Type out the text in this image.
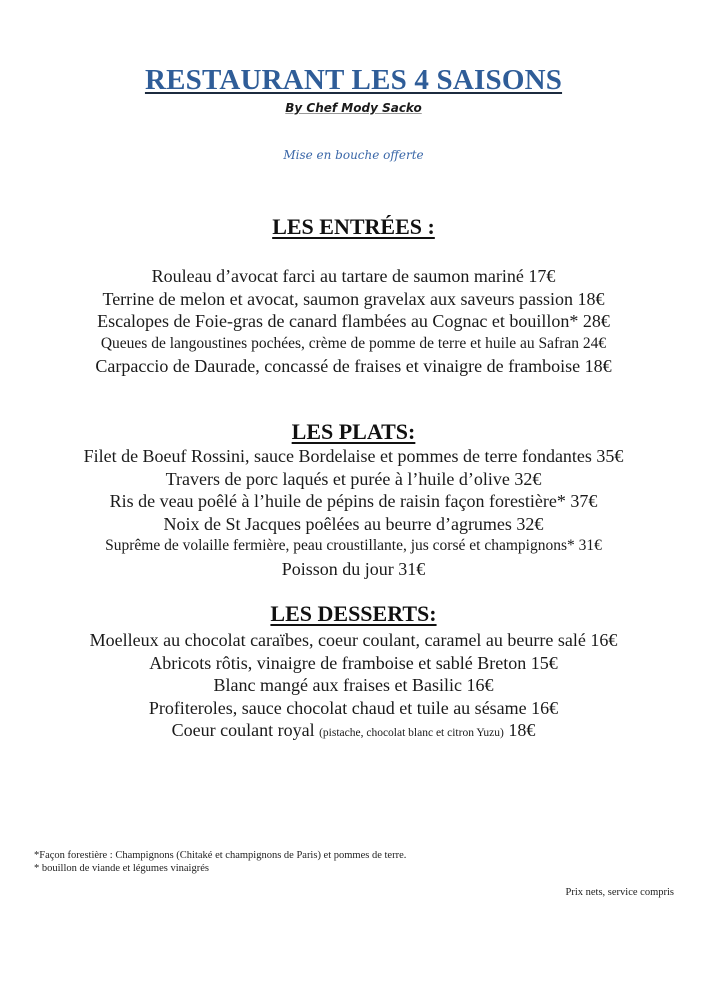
RESTAURANT LES 4 SAISONS
By Chef Mody Sacko
Mise en bouche offerte
LES ENTRÉES :
Rouleau d’avocat farci au tartare de saumon mariné 17€
Terrine de melon et avocat, saumon gravelax aux saveurs passion 18€
Escalopes de Foie-gras de canard flambées au Cognac et bouillon* 28€
Queues de langoustines pochées, crème de pomme de terre et huile au Safran 24€
Carpaccio de Daurade, concassé de fraises et vinaigre de framboise 18€
LES PLATS:
Filet de Boeuf Rossini, sauce Bordelaise et pommes de terre fondantes 35€
Travers de porc laqués et purée à l’huile d’olive 32€
Ris de veau poêlé à l’huile de pépins de raisin façon forestière* 37€
Noix de St Jacques poêlées au beurre d’agrumes 32€
Suprême de volaille fermière, peau croustillante, jus corsé et champignons* 31€
Poisson du jour 31€
LES DESSERTS:
Moelleux au chocolat caraïbes, coeur coulant, caramel au beurre salé 16€
Abricots rôtis, vinaigre de framboise et sablé Breton 15€
Blanc mangé aux fraises et Basilic 16€
Profiteroles, sauce chocolat chaud et tuile au sésame 16€
Coeur coulant royal (pistache, chocolat blanc et citron Yuzu) 18€
*Façon forestière : Champignons (Chitaké et champignons de Paris) et pommes de terre.
* bouillon de viande et légumes vinaigrés
Prix nets, service compris
